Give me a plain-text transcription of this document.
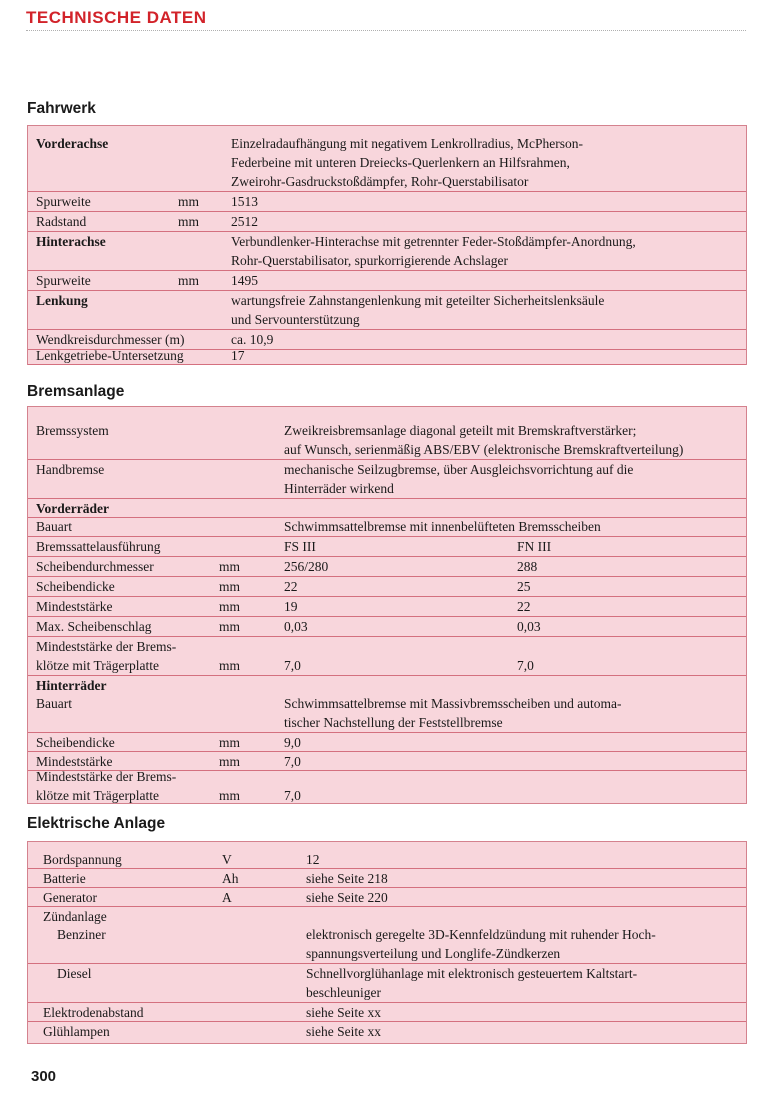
TECHNISCHE DATEN
Fahrwerk
Vorderachse	Einzelradaufhängung mit negativem Lenkrollradius, McPherson-
Federbeine mit unteren Dreiecks-Querlenkern an Hilfsrahmen,
Zweirohr-Gasdruckstoßdämpfer, Rohr-Querstabilisator
Spurweite	mm 1513
Radstand	mm 2512
Hinterachse	Verbundlenker-Hinterachse mit getrennter Feder-Stoßdämpfer-Anordnung,
Rohr-Querstabilisator, spurkorrigierende Achslager
Spurweite	mm 1495
Lenkung	wartungsfreie Zahnstangenlenkung mit geteilter Sicherheitslenksäule
und Servounterstützung
Wendkreisdurchmesser (m)	ca. 10,9
Lenkgetriebe-Untersetzung	17
Bremsanlage
Bremssystem	Zweikreisbremsanlage diagonal geteilt mit Bremskraftverstärker;
auf Wunsch, serienmäßig ABS/EBV (elektronische Bremskraftverteilung)
Handbremse	mechanische Seilzugbremse, über Ausgleichsvorrichtung auf die
Hinterräder wirkend
Vorderräder
Bauart	Schwimmsattelbremse mit innenbelüfteten Bremsscheiben
Bremssattelausführung	FS III	FN III
Scheibendurchmesser	mm	256/280	288
Scheibendicke	mm	22	25
Mindeststärke	mm	19	22
Max. Scheibenschlag	mm	0,03	0,03
Mindeststärke der Brems-
klötze mit Trägerplatte	mm	7,0	7,0
Hinterräder
Bauart	Schwimmsattelbremse mit Massivbremsscheiben und automa-
tischer Nachstellung der Feststellbremse
Scheibendicke	mm	9,0
Mindeststärke	mm	7,0
Mindeststärke der Brems-
klötze mit Trägerplatte	mm	7,0
Elektrische Anlage
Bordspannung	V	12
Batterie	Ah	siehe Seite 218
Generator	A	siehe Seite 220
Zündanlage
Benziner	elektronisch geregelte 3D-Kennfeldzündung mit ruhender Hoch-
spannungsverteilung und Longlife-Zündkerzen
Diesel	Schnellvorglühanlage mit elektronisch gesteuertem Kaltstart-
beschleuniger
Elektrodenabstand	siehe Seite xx
Glühlampen	siehe Seite xx
300
